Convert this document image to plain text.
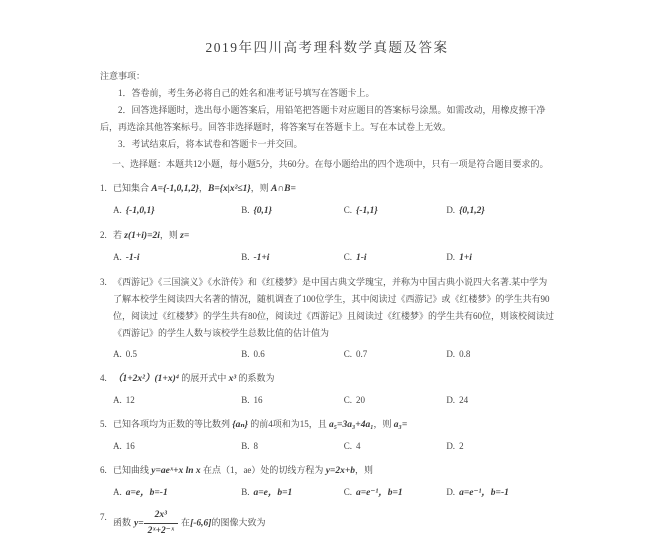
2019年四川高考理科数学真题及答案

注意事项：

1．答卷前，考生务必将自己的姓名和准考证号填写在答题卡上。

2．回答选择题时，选出每小题答案后，用铅笔把答题卡对应题目的答案标号涂黑。如需改动，用橡皮擦干净后，再选涂其他答案标号。回答非选择题时，将答案写在答题卡上。写在本试卷上无效。

3．考试结束后，将本试卷和答题卡一并交回。

一、选择题：本题共12小题，每小题5分，共60分。在每小题给出的四个选项中，只有一项是符合题目要求的。

1. 已知集合 A={-1,0,1,2}，B={x|x²≤1}，则 A∩B=

A. {-1,0,1}	B. {0,1}	C. {-1,1}	D. {0,1,2}
2. 若 z(1+i)=2i，则 z=

A. -1-i	B. -1+i	C. 1-i	D. 1+i
3. 《西游记》《三国演义》《水浒传》和《红楼梦》是中国古典文学瑰宝，并称为中国古典小说四大名著.某中学为了解本校学生阅读四大名著的情况，随机调查了100位学生，其中阅读过《西游记》或《红楼梦》的学生共有90位，阅读过《红楼梦》的学生共有80位，阅读过《西游记》且阅读过《红楼梦》的学生共有60位，则该校阅读过《西游记》的学生人数与该校学生总数比值的估计值为

A. 0.5	B. 0.6	C. 0.7	D. 0.8
4. （1+2x²）(1+x)⁴ 的展开式中 x³ 的系数为

A. 12	B. 16	C. 20	D. 24
5. 已知各项均为正数的等比数列 {aₙ} 的前4项和为15，且 a₅=3a₃+4a₁，则 a₃=

A. 16	B. 8	C. 4	D. 2
6. 已知曲线 y=aeˣ+x ln x 在点（1，ae）处的切线方程为 y=2x+b，则

A. a=e，b=-1	B. a=e，b=1	C. a=e⁻¹，b=1	D. a=e⁻¹，b=-1
7.

函数 $y= \frac{\text{2x³}}{\text{2ˣ+2⁻ˣ}}$ 在[-6,6]的图像大致为
